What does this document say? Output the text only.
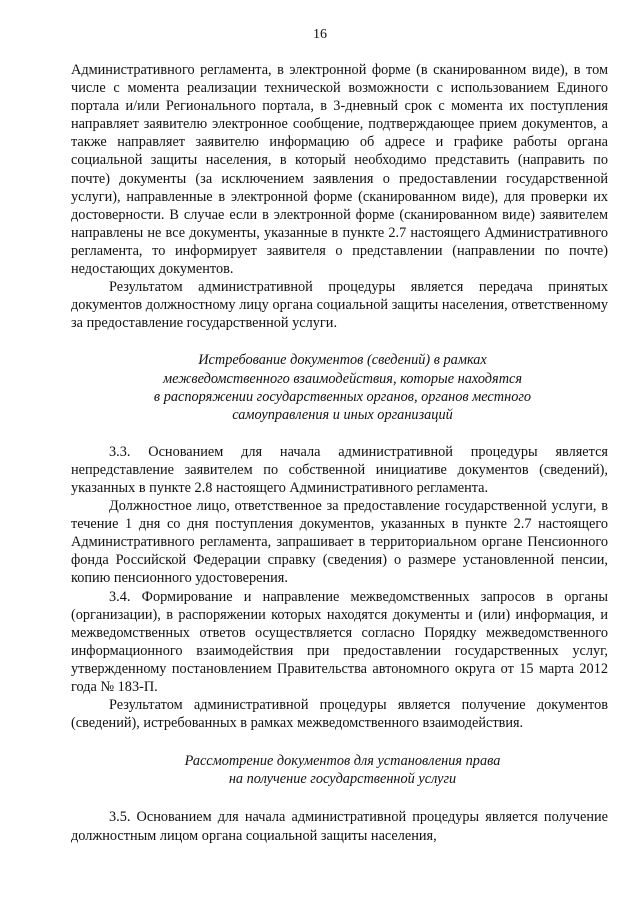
16

Административного регламента, в электронной форме (в сканированном виде), в том числе с момента реализации технической возможности с использованием Единого портала и/или Регионального портала, в 3-дневный срок с момента их поступления направляет заявителю электронное сообщение, подтверждающее прием документов, а также направляет заявителю информацию об адресе и графике работы органа социальной защиты населения, в который необходимо представить (направить по почте) документы (за исключением заявления о предоставлении государственной услуги), направленные в электронной форме (сканированном виде), для проверки их достоверности. В случае если в электронной форме (сканированном виде) заявителем направлены не все документы, указанные в пункте 2.7 настоящего Административного регламента, то информирует заявителя о представлении (направлении по почте) недостающих документов.

Результатом административной процедуры является передача принятых документов должностному лицу органа социальной защиты населения, ответственному за предоставление государственной услуги.

Истребование документов (сведений) в рамках
межведомственного взаимодействия, которые находятся
в распоряжении государственных органов, органов местного
самоуправления и иных организаций

3.3. Основанием для начала административной процедуры является непредставление заявителем по собственной инициативе документов (сведений), указанных в пункте 2.8 настоящего Административного регламента.

Должностное лицо, ответственное за предоставление государственной услуги, в течение 1 дня со дня поступления документов, указанных в пункте 2.7 настоящего Административного регламента, запрашивает в территориальном органе Пенсионного фонда Российской Федерации справку (сведения) о размере установленной пенсии, копию пенсионного удостоверения.

3.4. Формирование и направление межведомственных запросов в органы (организации), в распоряжении которых находятся документы и (или) информация, и межведомственных ответов осуществляется согласно Порядку межведомственного информационного взаимодействия при предоставлении государственных услуг, утвержденному постановлением Правительства автономного округа от 15 марта 2012 года № 183-П.

Результатом административной процедуры является получение документов (сведений), истребованных в рамках межведомственного взаимодействия.

Рассмотрение документов для установления права
на получение государственной услуги

3.5. Основанием для начала административной процедуры является получение должностным лицом органа социальной защиты населения,
